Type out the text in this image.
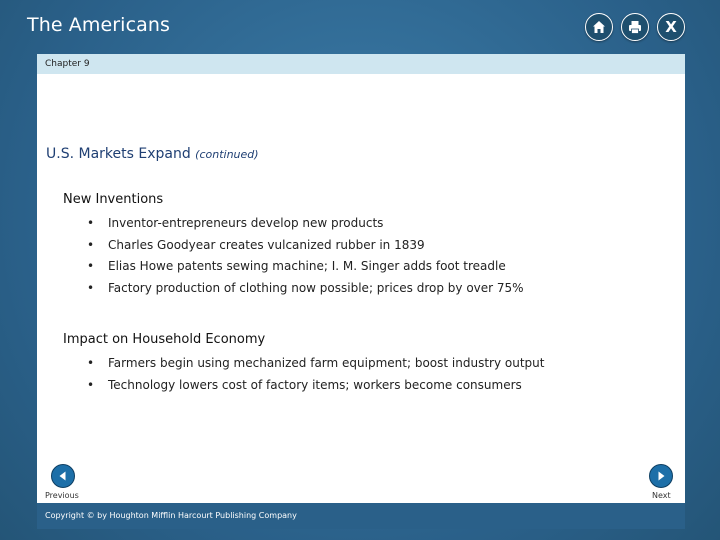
The Americans	X
Chapter 9
U.S. Markets Expand (continued)
New Inventions
• Inventor-entrepreneurs develop new products
• Charles Goodyear creates vulcanized rubber in 1839
• Elias Howe patents sewing machine; I. M. Singer adds foot treadle
• Factory production of clothing now possible; prices drop by over 75%
Impact on Household Economy
• Farmers begin using mechanized farm equipment; boost industry output
• Technology lowers cost of factory items; workers become consumers
Previous	Next
Copyright © by Houghton Mifflin Harcourt Publishing Company
